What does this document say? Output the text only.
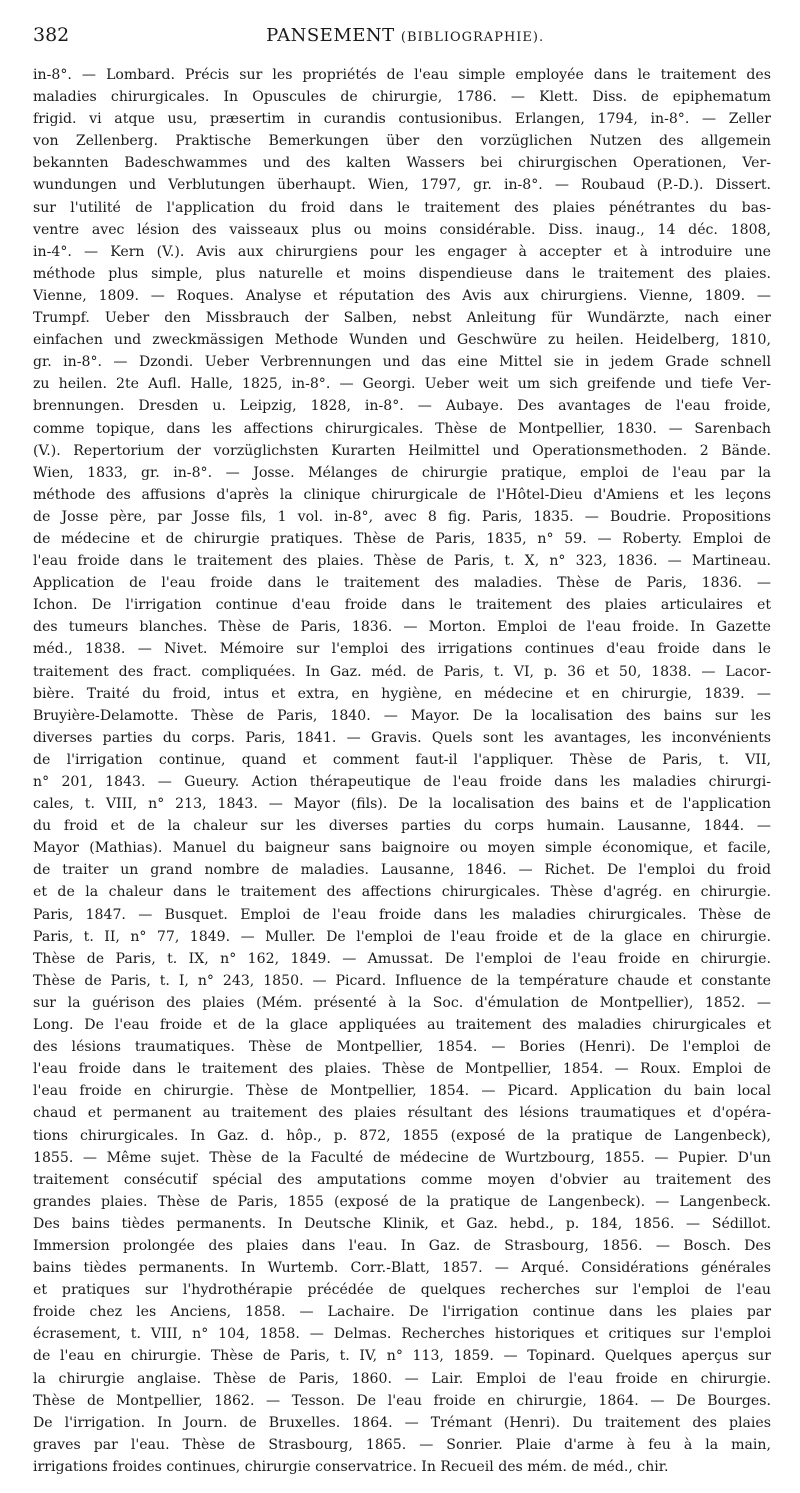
382	PANSEMENT (BIBLIOGRAPHIE).
in-8°. — Lombard. Précis sur les propriétés de l'eau simple employée dans le traitement des
maladies chirurgicales. In Opuscules de chirurgie, 1786. — Klett. Diss. de epiphematum
frigid. vi atque usu, præsertim in curandis contusionibus. Erlangen, 1794, in-8°. — Zeller
von Zellenberg. Praktische Bemerkungen über den vorzüglichen Nutzen des allgemein
bekannten Badeschwammes und des kalten Wassers bei chirurgischen Operationen, Ver-
wundungen und Verblutungen überhaupt. Wien, 1797, gr. in-8°. — Roubaud (P.-D.). Dissert.
sur l'utilité de l'application du froid dans le traitement des plaies pénétrantes du bas-
ventre avec lésion des vaisseaux plus ou moins considérable. Diss. inaug., 14 déc. 1808,
in-4°. — Kern (V.). Avis aux chirurgiens pour les engager à accepter et à introduire une
méthode plus simple, plus naturelle et moins dispendieuse dans le traitement des plaies.
Vienne, 1809. — Roques. Analyse et réputation des Avis aux chirurgiens. Vienne, 1809. —
Trumpf. Ueber den Missbrauch der Salben, nebst Anleitung für Wundärzte, nach einer
einfachen und zweckmässigen Methode Wunden und Geschwüre zu heilen. Heidelberg, 1810,
gr. in-8°. — Dzondi. Ueber Verbrennungen und das eine Mittel sie in jedem Grade schnell
zu heilen. 2te Aufl. Halle, 1825, in-8°. — Georgi. Ueber weit um sich greifende und tiefe Ver-
brennungen. Dresden u. Leipzig, 1828, in-8°. — Aubaye. Des avantages de l'eau froide,
comme topique, dans les affections chirurgicales. Thèse de Montpellier, 1830. — Sarenbach
(V.). Repertorium der vorzüglichsten Kurarten Heilmittel und Operationsmethoden. 2 Bände.
Wien, 1833, gr. in-8°. — Josse. Mélanges de chirurgie pratique, emploi de l'eau par la
méthode des affusions d'après la clinique chirurgicale de l'Hôtel-Dieu d'Amiens et les leçons
de Josse père, par Josse fils, 1 vol. in-8°, avec 8 fig. Paris, 1835. — Boudrie. Propositions
de médecine et de chirurgie pratiques. Thèse de Paris, 1835, n° 59. — Roberty. Emploi de
l'eau froide dans le traitement des plaies. Thèse de Paris, t. X, n° 323, 1836. — Martineau.
Application de l'eau froide dans le traitement des maladies. Thèse de Paris, 1836. —
Ichon. De l'irrigation continue d'eau froide dans le traitement des plaies articulaires et
des tumeurs blanches. Thèse de Paris, 1836. — Morton. Emploi de l'eau froide. In Gazette
méd., 1838. — Nivet. Mémoire sur l'emploi des irrigations continues d'eau froide dans le
traitement des fract. compliquées. In Gaz. méd. de Paris, t. VI, p. 36 et 50, 1838. — Lacor-
bière. Traité du froid, intus et extra, en hygiène, en médecine et en chirurgie, 1839. —
Bruyière-Delamotte. Thèse de Paris, 1840. — Mayor. De la localisation des bains sur les
diverses parties du corps. Paris, 1841. — Gravis. Quels sont les avantages, les inconvénients
de l'irrigation continue, quand et comment faut-il l'appliquer. Thèse de Paris, t. VII,
n° 201, 1843. — Gueury. Action thérapeutique de l'eau froide dans les maladies chirurgi-
cales, t. VIII, n° 213, 1843. — Mayor (fils). De la localisation des bains et de l'application
du froid et de la chaleur sur les diverses parties du corps humain. Lausanne, 1844. —
Mayor (Mathias). Manuel du baigneur sans baignoire ou moyen simple économique, et facile,
de traiter un grand nombre de maladies. Lausanne, 1846. — Richet. De l'emploi du froid
et de la chaleur dans le traitement des affections chirurgicales. Thèse d'agrég. en chirurgie.
Paris, 1847. — Busquet. Emploi de l'eau froide dans les maladies chirurgicales. Thèse de
Paris, t. II, n° 77, 1849. — Muller. De l'emploi de l'eau froide et de la glace en chirurgie.
Thèse de Paris, t. IX, n° 162, 1849. — Amussat. De l'emploi de l'eau froide en chirurgie.
Thèse de Paris, t. I, n° 243, 1850. — Picard. Influence de la température chaude et constante
sur la guérison des plaies (Mém. présenté à la Soc. d'émulation de Montpellier), 1852. —
Long. De l'eau froide et de la glace appliquées au traitement des maladies chirurgicales et
des lésions traumatiques. Thèse de Montpellier, 1854. — Bories (Henri). De l'emploi de
l'eau froide dans le traitement des plaies. Thèse de Montpellier, 1854. — Roux. Emploi de
l'eau froide en chirurgie. Thèse de Montpellier, 1854. — Picard. Application du bain local
chaud et permanent au traitement des plaies résultant des lésions traumatiques et d'opéra-
tions chirurgicales. In Gaz. d. hôp., p. 872, 1855 (exposé de la pratique de Langenbeck),
1855. — Même sujet. Thèse de la Faculté de médecine de Wurtzbourg, 1855. — Pupier. D'un
traitement consécutif spécial des amputations comme moyen d'obvier au traitement des
grandes plaies. Thèse de Paris, 1855 (exposé de la pratique de Langenbeck). — Langenbeck.
Des bains tièdes permanents. In Deutsche Klinik, et Gaz. hebd., p. 184, 1856. — Sédillot.
Immersion prolongée des plaies dans l'eau. In Gaz. de Strasbourg, 1856. — Bosch. Des
bains tièdes permanents. In Wurtemb. Corr.-Blatt, 1857. — Arqué. Considérations générales
et pratiques sur l'hydrothérapie précédée de quelques recherches sur l'emploi de l'eau
froide chez les Anciens, 1858. — Lachaire. De l'irrigation continue dans les plaies par
écrasement, t. VIII, n° 104, 1858. — Delmas. Recherches historiques et critiques sur l'emploi
de l'eau en chirurgie. Thèse de Paris, t. IV, n° 113, 1859. — Topinard. Quelques aperçus sur
la chirurgie anglaise. Thèse de Paris, 1860. — Lair. Emploi de l'eau froide en chirurgie.
Thèse de Montpellier, 1862. — Tesson. De l'eau froide en chirurgie, 1864. — De Bourges.
De l'irrigation. In Journ. de Bruxelles. 1864. — Trémant (Henri). Du traitement des plaies
graves par l'eau. Thèse de Strasbourg, 1865. — Sonrier. Plaie d'arme à feu à la main,
irrigations froides continues, chirurgie conservatrice. In Recueil des mém. de méd., chir.
